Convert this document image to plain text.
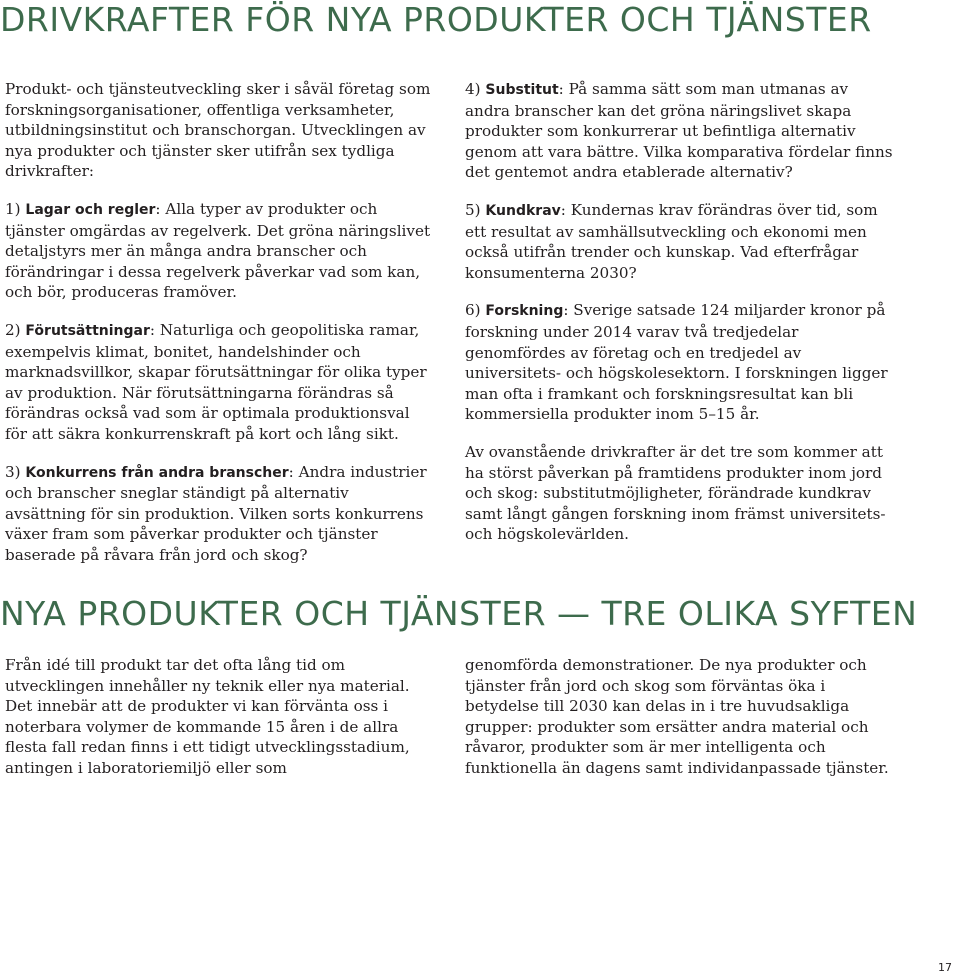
DRIVKRAFTER FÖR NYA PRODUKTER OCH TJÄNSTER

Produkt- och tjänsteutveckling sker i såväl företag som forskningsorganisationer, offentliga verksamheter, utbildningsinstitut och branschorgan. Utvecklingen av nya produkter och tjänster sker utifrån sex tydliga drivkrafter:

1) Lagar och regler: Alla typer av produkter och tjänster omgärdas av regelverk. Det gröna näringslivet detaljstyrs mer än många andra branscher och förändringar i dessa regelverk påverkar vad som kan, och bör, produceras framöver.

2) Förutsättningar: Naturliga och geopolitiska ramar, exempelvis klimat, bonitet, handelshinder och marknadsvillkor, skapar förutsättningar för olika typer av produktion. När förutsättningarna förändras så förändras också vad som är optimala produktionsval för att säkra konkurrenskraft på kort och lång sikt.

3) Konkurrens från andra branscher: Andra industrier och branscher sneglar ständigt på alternativ avsättning för sin produktion. Vilken sorts konkurrens växer fram som påverkar produkter och tjänster baserade på råvara från jord och skog?

4) Substitut: På samma sätt som man utmanas av andra branscher kan det gröna näringslivet skapa produkter som konkurrerar ut befintliga alternativ genom att vara bättre. Vilka komparativa fördelar finns det gentemot andra etablerade alternativ?

5) Kundkrav: Kundernas krav förändras över tid, som ett resultat av samhällsutveckling och ekonomi men också utifrån trender och kunskap. Vad efterfrågar konsumenterna 2030?

6) Forskning: Sverige satsade 124 miljarder kronor på forskning under 2014 varav två tredjedelar genomfördes av företag och en tredjedel av universitets- och högskolesektorn. I forskningen ligger man ofta i framkant och forskningsresultat kan bli kommersiella produkter inom 5–15 år.

Av ovanstående drivkrafter är det tre som kommer att ha störst påverkan på framtidens produkter inom jord och skog: substitutmöjligheter, förändrade kundkrav samt långt gången forskning inom främst universitets- och högskolevärlden.

NYA PRODUKTER OCH TJÄNSTER — TRE OLIKA SYFTEN

Från idé till produkt tar det ofta lång tid om utvecklingen innehåller ny teknik eller nya material. Det innebär att de produkter vi kan förvänta oss i noterbara volymer de kommande 15 åren i de allra flesta fall redan finns i ett tidigt utvecklingsstadium, antingen i laboratoriemiljö eller som

genomförda demonstrationer. De nya produkter och tjänster från jord och skog som förväntas öka i betydelse till 2030 kan delas in i tre huvudsakliga grupper: produkter som ersätter andra material och råvaror, produkter som är mer intelligenta och funktionella än dagens samt individanpassade tjänster.

17
